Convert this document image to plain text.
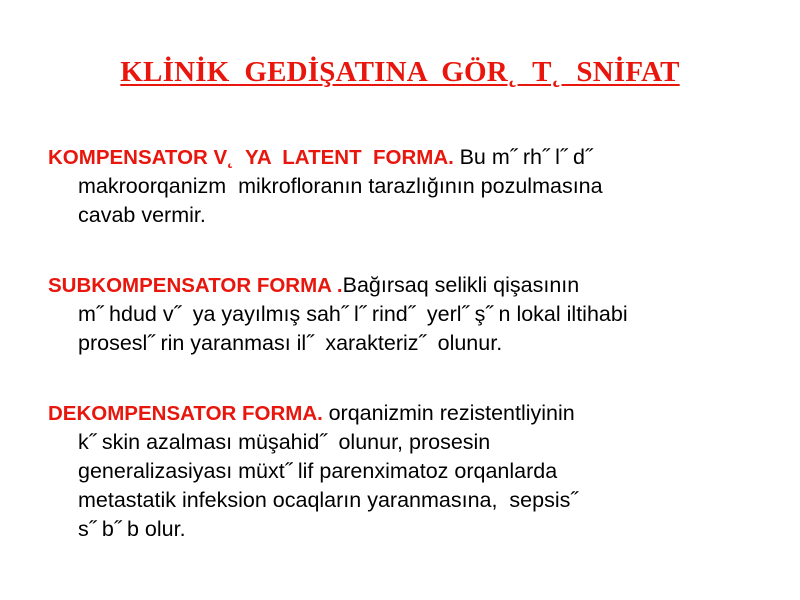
KLİNİK  GEDİŞATINA  GÖR˛  T˛  SNİFAT
KOMPENSATOR V˛  YA  LATENT  FORMA. Bu m˝ rh˝ l˝ d˝
makroorqanizm  mikrofloranın tarazlığının pozulmasına
cavab vermir.
SUBKOMPENSATOR FORMA .Bağırsaq selikli qişasının
m˝ hdud v˝  ya yayılmış sah˝ l˝ rind˝  yerl˝ ş˝ n lokal iltihabi
prosesl˝ rin yaranması il˝  xarakteriz˝  olunur.
DEKOMPENSATOR FORMA. orqanizmin rezistentliyinin
k˝ skin azalması müşahid˝  olunur, prosesin
generalizasiyası müxt˝ lif parenximatoz orqanlarda
metastatik infeksion ocaqların yaranmasına,  sepsis˝
s˝ b˝ b olur.
